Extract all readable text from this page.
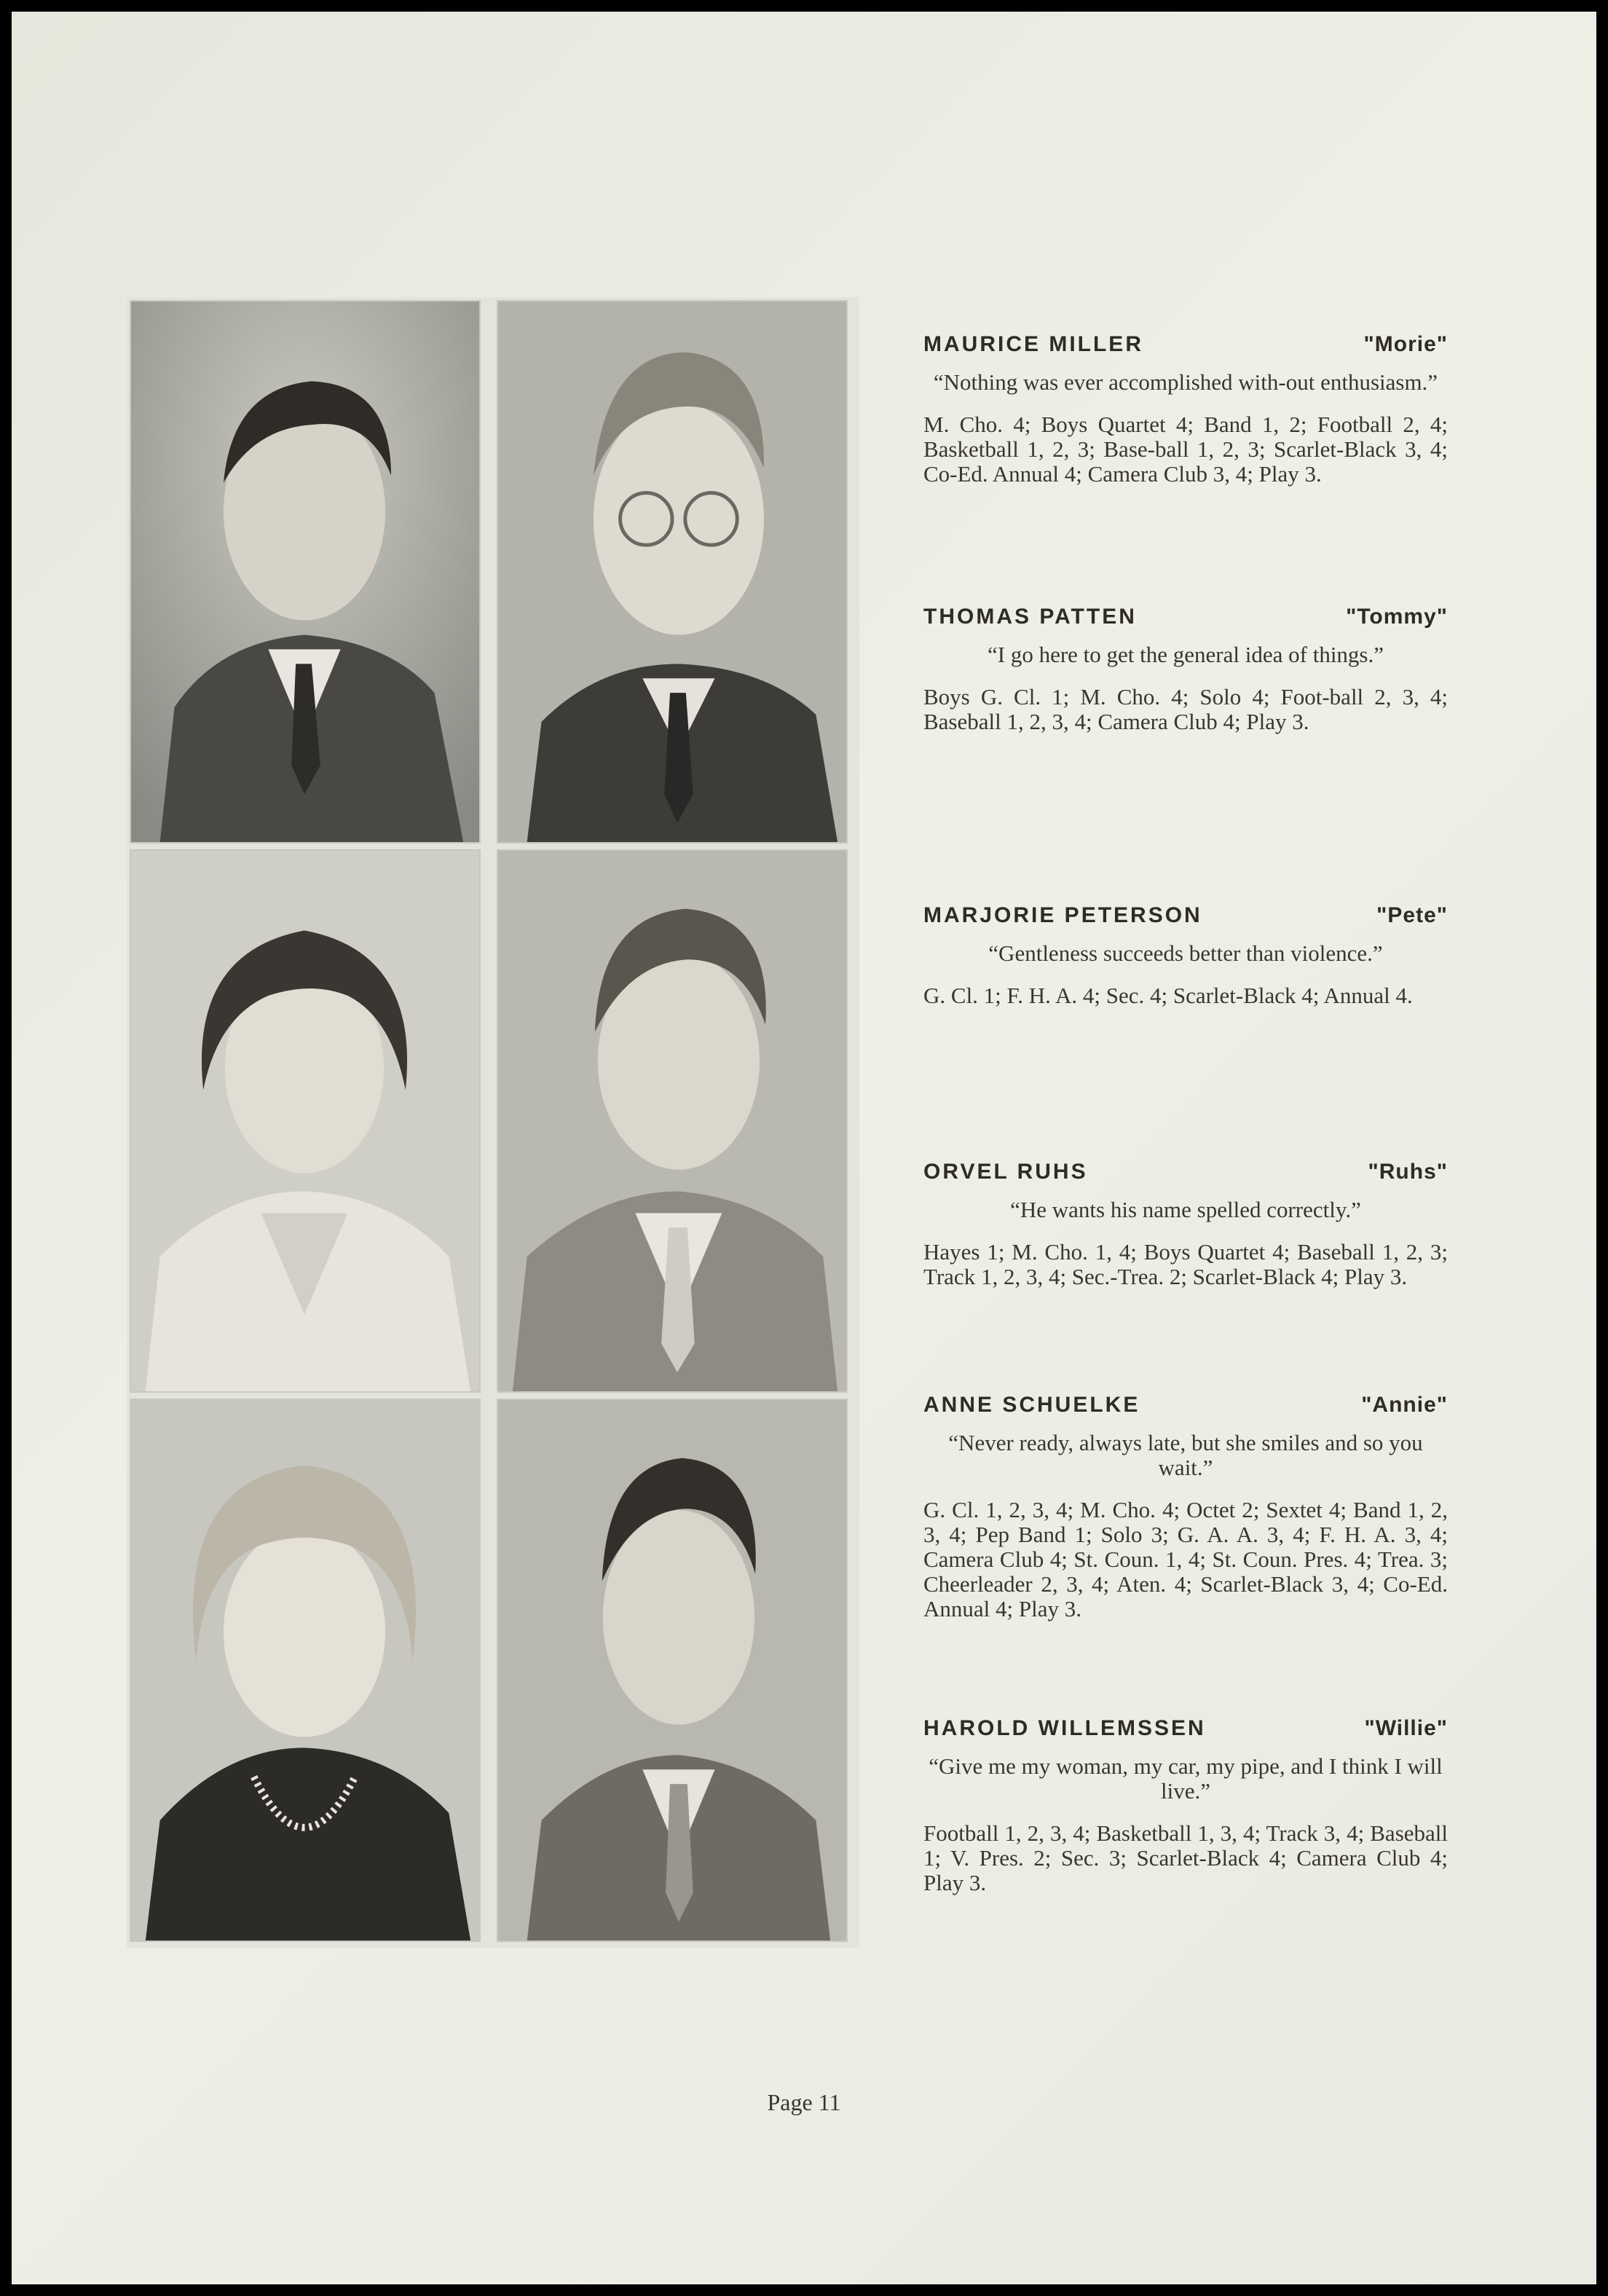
MAURICE MILLER	"Morie"
“Nothing was ever accomplished with-out enthusiasm.”
M. Cho. 4; Boys Quartet 4; Band 1, 2; Football 2, 4; Basketball 1, 2, 3; Base-ball 1, 2, 3; Scarlet-Black 3, 4; Co-Ed. Annual 4; Camera Club 3, 4; Play 3.
THOMAS PATTEN	"Tommy"
“I go here to get the general idea of things.”
Boys G. Cl. 1; M. Cho. 4; Solo 4; Foot-ball 2, 3, 4; Baseball 1, 2, 3, 4; Camera Club 4; Play 3.
MARJORIE PETERSON	"Pete"
“Gentleness succeeds better than violence.”
G. Cl. 1; F. H. A. 4; Sec. 4; Scarlet-Black 4; Annual 4.
ORVEL RUHS	"Ruhs"
“He wants his name spelled correctly.”
Hayes 1; M. Cho. 1, 4; Boys Quartet 4; Baseball 1, 2, 3; Track 1, 2, 3, 4; Sec.-Trea. 2; Scarlet-Black 4; Play 3.
ANNE SCHUELKE	"Annie"
“Never ready, always late, but she smiles and so you wait.”
G. Cl. 1, 2, 3, 4; M. Cho. 4; Octet 2; Sextet 4; Band 1, 2, 3, 4; Pep Band 1; Solo 3; G. A. A. 3, 4; F. H. A. 3, 4; Camera Club 4; St. Coun. 1, 4; St. Coun. Pres. 4; Trea. 3; Cheerleader 2, 3, 4; Aten. 4; Scarlet-Black 3, 4; Co-Ed. Annual 4; Play 3.
HAROLD WILLEMSSEN	"Willie"
“Give me my woman, my car, my pipe, and I think I will live.”
Football 1, 2, 3, 4; Basketball 1, 3, 4; Track 3, 4; Baseball 1; V. Pres. 2; Sec. 3; Scarlet-Black 4; Camera Club 4; Play 3.
Page 11
